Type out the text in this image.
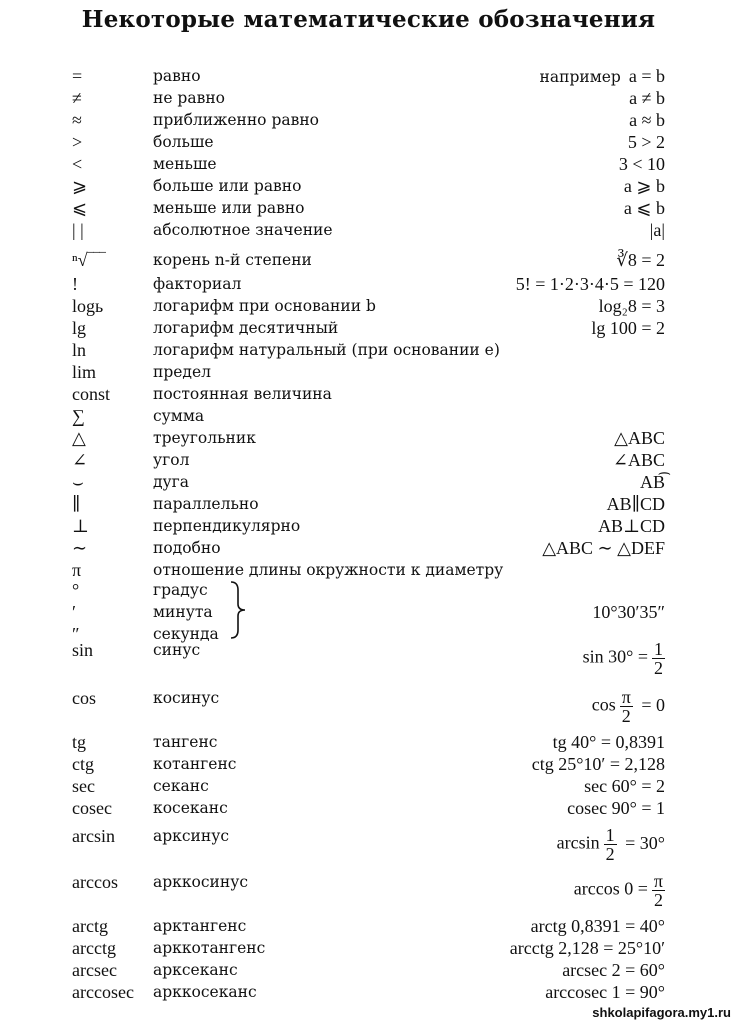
Некоторые математические обозначения
=	равно	например a = b
≠	не равно	a ≠ b
≈	приближенно равно	a ≈ b
>	больше	5 > 2
<	меньше	3 < 10
⩾	больше или равно	a ⩾ b
⩽	меньше или равно	a ⩽ b
| |	абсолютное значение	|a|
ⁿ√‾‾‾	корень n-й степени	∛8 = 2
!	факториал	5! = 1·2·3·4·5 = 120
logь	логарифм при основании b	log₂8 = 3
lg	логарифм десятичный	lg 100 = 2
ln	логарифм натуральный (при основании e)
lim	предел
const	постоянная величина
∑	сумма
△	треугольник	△ABC
∠	угол	∠ABC
⌣	дуга	AB͡
∥	параллельно	AB∥CD
⊥	перпендикулярно	AB⊥CD
∼	подобно	△ABC ∼ △DEF
π	отношение длины окружности к диаметру
°	градус
′	минута	10°30′35″
″	секунда
sin	синус	$\sin 30^\circ = \frac{1}{2}$
cos	косинус	$\cos \frac{\pi}{2} = 0$
tg	тангенс	tg 40° = 0,8391
ctg	котангенс	ctg 25°10′ = 2,128
sec	секанс	sec 60° = 2
cosec	косеканс	cosec 90° = 1
arcsin	арксинус	$\arcsin \frac{1}{2} = 30^\circ$
arccos	арккосинус	$\arccos 0 = \frac{\pi}{2}$
arctg	арктангенс	arctg 0,8391 = 40°
arcctg	арккотангенс	arcctg 2,128 = 25°10′
arcsec	арксеканс	arcsec 2 = 60°
arccosec	арккосеканс	arccosec 1 = 90°
shkolapifagora.my1.ru
